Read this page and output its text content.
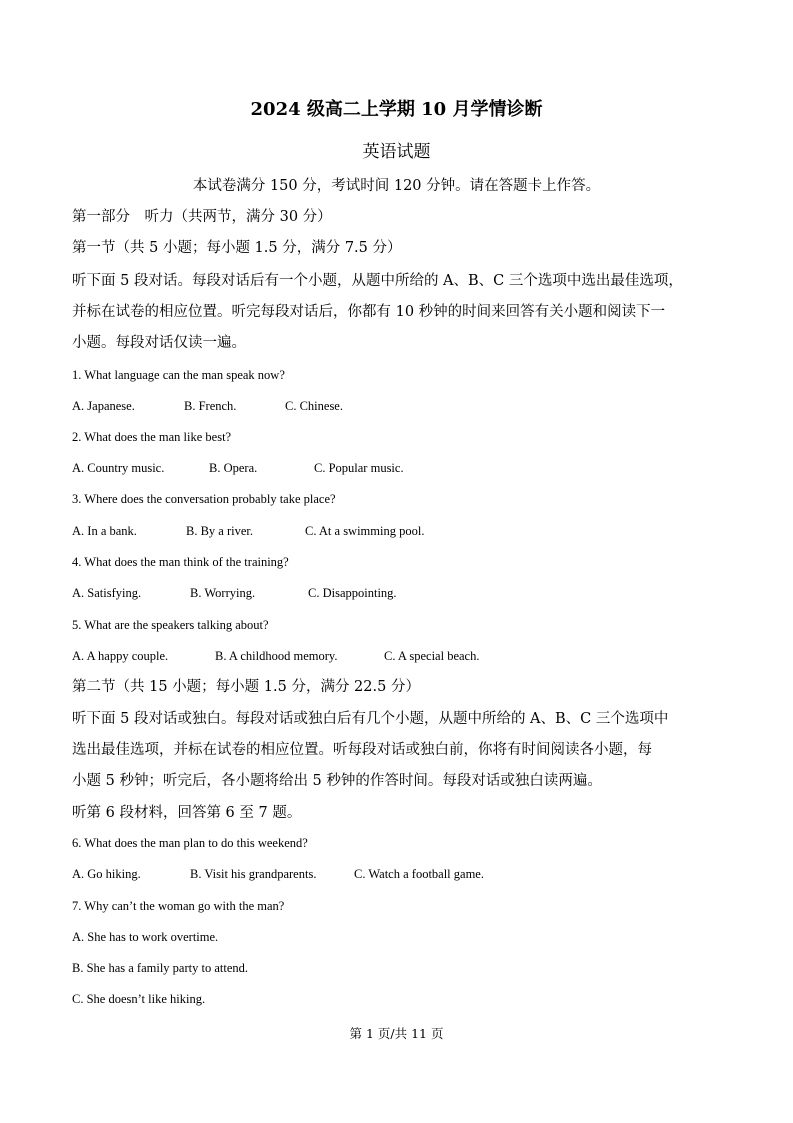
2024 级高二上学期 10 月学情诊断
英语试题
本试卷满分 150 分，考试时间 120 分钟。请在答题卡上作答。
第一部分　听力（共两节，满分 30 分）
第一节（共 5 小题；每小题 1.5 分，满分 7.5 分）
听下面 5 段对话。每段对话后有一个小题，从题中所给的 A、B、C 三个选项中选出最佳选项，
并标在试卷的相应位置。听完每段对话后，你都有 10 秒钟的时间来回答有关小题和阅读下一
小题。每段对话仅读一遍。
1. What language can the man speak now?
A. Japanese.	B. French.	C. Chinese.
2. What does the man like best?
A. Country music.	B. Opera.	C. Popular music.
3. Where does the conversation probably take place?
A. In a bank.	B. By a river.	C. At a swimming pool.
4. What does the man think of the training?
A. Satisfying.	B. Worrying.	C. Disappointing.
5. What are the speakers talking about?
A. A happy couple.	B. A childhood memory.	C. A special beach.
第二节（共 15 小题；每小题 1.5 分，满分 22.5 分）
听下面 5 段对话或独白。每段对话或独白后有几个小题，从题中所给的 A、B、C 三个选项中
选出最佳选项，并标在试卷的相应位置。听每段对话或独白前，你将有时间阅读各小题，每
小题 5 秒钟；听完后，各小题将给出 5 秒钟的作答时间。每段对话或独白读两遍。
听第 6 段材料，回答第 6 至 7 题。
6. What does the man plan to do this weekend?
A. Go hiking.	B. Visit his grandparents.	C. Watch a football game.
7. Why can’t the woman go with the man?
A. She has to work overtime.
B. She has a family party to attend.
C. She doesn’t like hiking.
第 1 页/共 11 页
